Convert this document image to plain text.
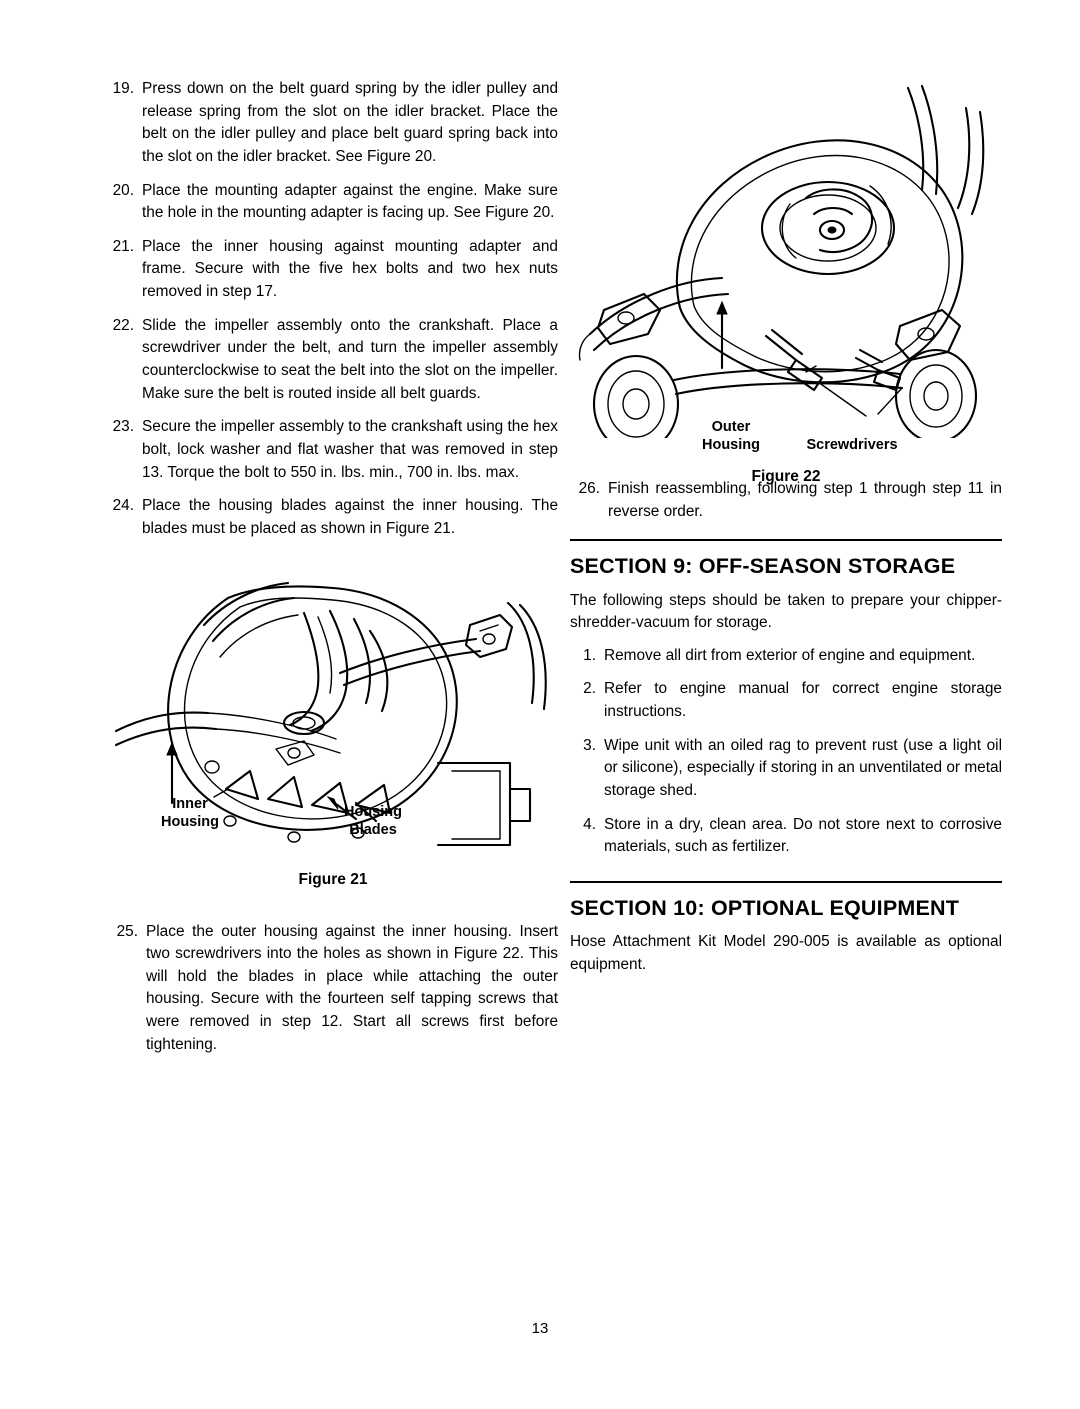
19. Press down on the belt guard spring by the idler pulley and release spring from the slot on the idler bracket. Place the belt on the idler pulley and place belt guard spring back into the slot on the idler bracket. See Figure 20.
20. Place the mounting adapter against the engine. Make sure the hole in the mounting adapter is facing up. See Figure 20.
21. Place the inner housing against mounting adapter and frame. Secure with the five hex bolts and two hex nuts removed in step 17.
22. Slide the impeller assembly onto the crankshaft. Place a screwdriver under the belt, and turn the impeller assembly counterclockwise to seat the belt into the slot on the impeller. Make sure the belt is routed inside all belt guards.
23. Secure the impeller assembly to the crankshaft using the hex bolt, lock washer and flat washer that was removed in step 13. Torque the bolt to 550 in. lbs. min., 700 in. lbs. max.
24. Place the housing blades against the inner housing. The blades must be placed as shown in Figure 21.
Inner
Housing
Housing
Blades
Figure 21
25. Place the outer housing against the inner housing. Insert two screwdrivers into the holes as shown in Figure 22. This will hold the blades in place while attaching the outer housing. Secure with the fourteen self tapping screws that were removed in step 12. Start all screws first before tightening.
Outer
Housing	Screwdrivers
Figure 22
26. Finish reassembling, following step 1 through step 11 in reverse order.
SECTION 9: OFF-SEASON STORAGE

The following steps should be taken to prepare your chipper-shredder-vacuum for storage.

1. Remove all dirt from exterior of engine and equipment.
2. Refer to engine manual for correct engine storage instructions.
3. Wipe unit with an oiled rag to prevent rust (use a light oil or silicone), especially if storing in an unventilated or metal storage shed.
4. Store in a dry, clean area. Do not store next to corrosive materials, such as fertilizer.
SECTION 10: OPTIONAL EQUIPMENT

Hose Attachment Kit Model 290-005 is available as optional equipment.

13
